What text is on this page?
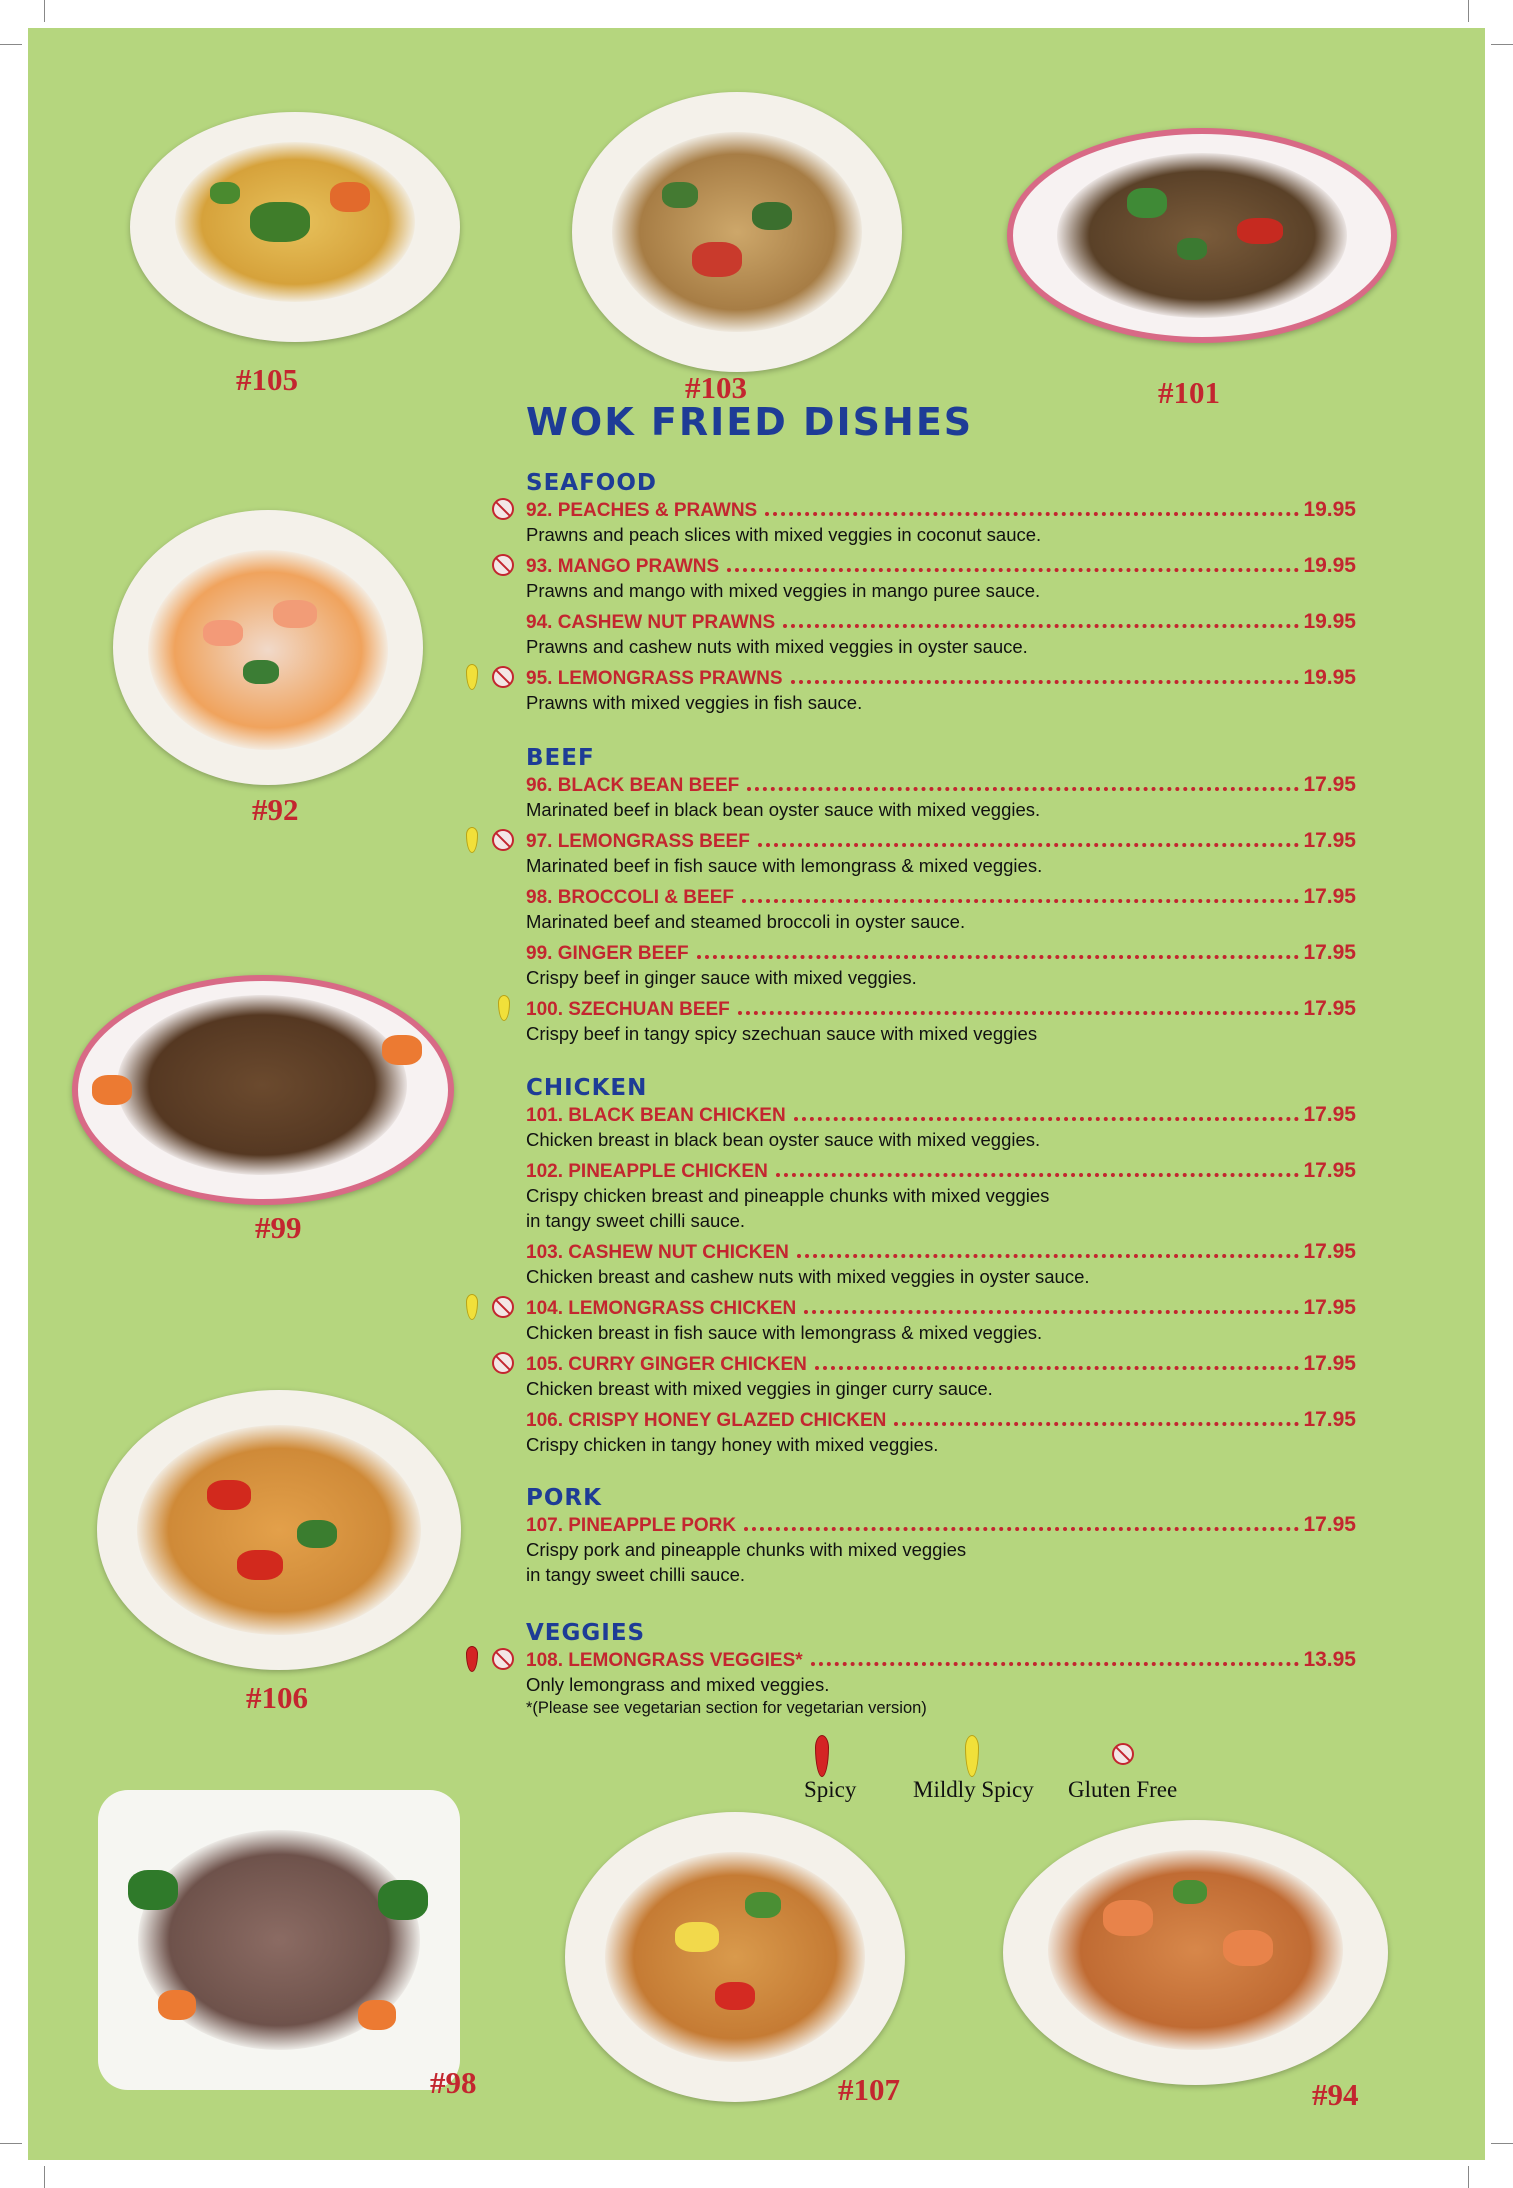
#105	#103	#101
#92
#99
#106
#98	#107	#94
WOK FRIED DISHES
SEAFOOD
92. PEACHES & PRAWNS	19.95
Prawns and peach slices with mixed veggies in coconut sauce.
93. MANGO PRAWNS	19.95
Prawns and mango with mixed veggies in mango puree sauce.
94. CASHEW NUT PRAWNS	19.95
Prawns and cashew nuts with mixed veggies in oyster sauce.
95. LEMONGRASS PRAWNS	19.95
Prawns with mixed veggies in fish sauce.
BEEF
96. BLACK BEAN BEEF	17.95
Marinated beef in black bean oyster sauce with mixed veggies.
97. LEMONGRASS BEEF	17.95
Marinated beef in fish sauce with lemongrass & mixed veggies.
98. BROCCOLI & BEEF	17.95
Marinated beef and steamed broccoli in oyster sauce.
99. GINGER BEEF	17.95
Crispy beef in ginger sauce with mixed veggies.
100. SZECHUAN BEEF	17.95
Crispy beef in tangy spicy szechuan sauce with mixed veggies
CHICKEN
101. BLACK BEAN CHICKEN	17.95
Chicken breast in black bean oyster sauce with mixed veggies.
102. PINEAPPLE CHICKEN	17.95
Crispy chicken breast and pineapple chunks with mixed veggies
in tangy sweet chilli sauce.
103. CASHEW NUT CHICKEN	17.95
Chicken breast and cashew nuts with mixed veggies in oyster sauce.
104. LEMONGRASS CHICKEN	17.95
Chicken breast in fish sauce with lemongrass & mixed veggies.
105. CURRY GINGER CHICKEN	17.95
Chicken breast with mixed veggies in ginger curry sauce.
106. CRISPY HONEY GLAZED CHICKEN	17.95
Crispy chicken in tangy honey with mixed veggies.
PORK
107. PINEAPPLE PORK	17.95
Crispy pork and pineapple chunks with mixed veggies
in tangy sweet chilli sauce.
VEGGIES
108. LEMONGRASS VEGGIES*	13.95
Only lemongrass and mixed veggies.
*(Please see vegetarian section for vegetarian version)
Spicy Mildly Spicy Gluten Free
